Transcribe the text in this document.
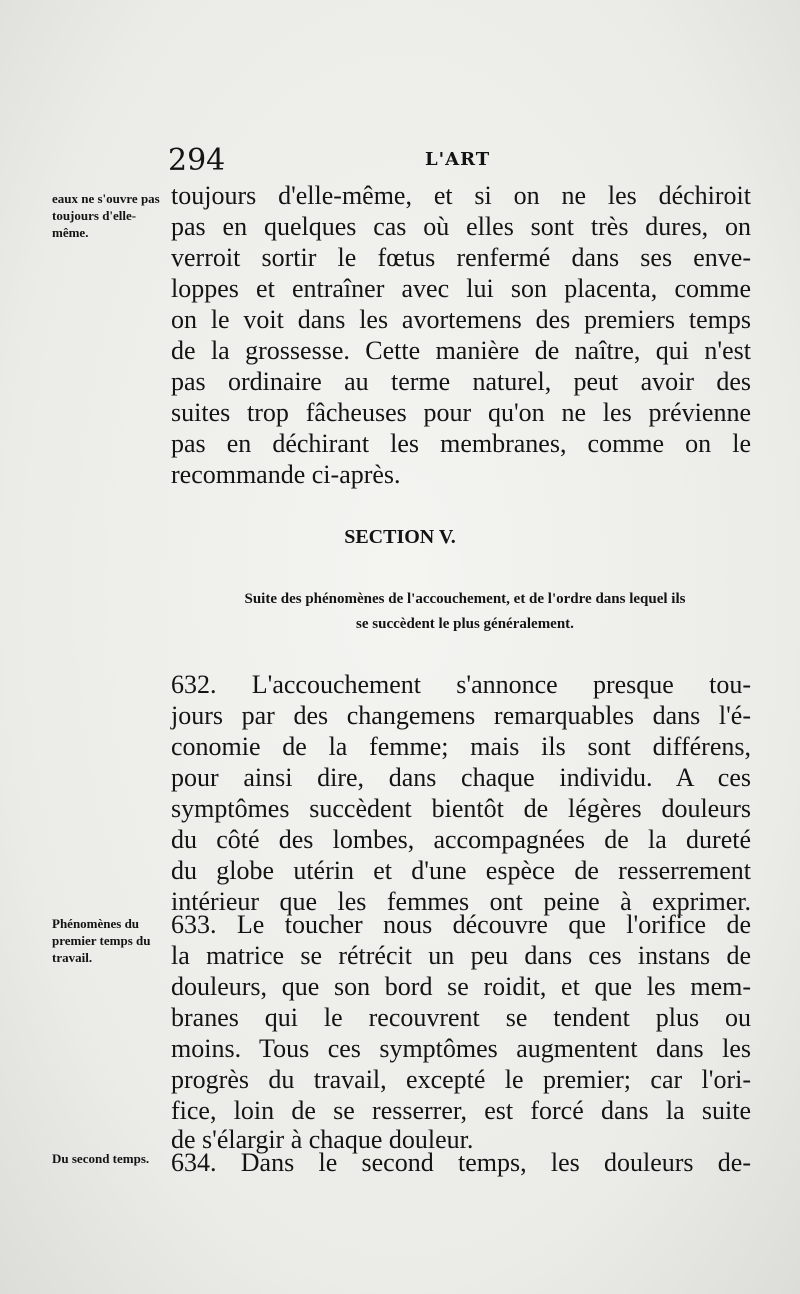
294	L'ART
eaux ne s'ouvre pas toujours d'elle-même.
Phénomènes du premier temps du travail.
Du second temps.
toujours d'elle-même, et si on ne les déchiroit
pas en quelques cas où elles sont très dures, on
verroit sortir le fœtus renfermé dans ses enve-
loppes et entraîner avec lui son placenta, comme
on le voit dans les avortemens des premiers temps
de la grossesse. Cette manière de naître, qui n'est
pas ordinaire au terme naturel, peut avoir des
suites trop fâcheuses pour qu'on ne les prévienne
pas en déchirant les membranes, comme on le
recommande ci-après.
SECTION V.
Suite des phénomènes de l'accouchement, et de l'ordre dans lequel ils
se succèdent le plus généralement.
632. L'accouchement s'annonce presque tou-
jours par des changemens remarquables dans l'é-
conomie de la femme; mais ils sont différens,
pour ainsi dire, dans chaque individu. A ces
symptômes succèdent bientôt de légères douleurs
du côté des lombes, accompagnées de la dureté
du globe utérin et d'une espèce de resserrement
intérieur que les femmes ont peine à exprimer.
633. Le toucher nous découvre que l'orifice de
la matrice se rétrécit un peu dans ces instans de
douleurs, que son bord se roidit, et que les mem-
branes qui le recouvrent se tendent plus ou
moins. Tous ces symptômes augmentent dans les
progrès du travail, excepté le premier; car l'ori-
fice, loin de se resserrer, est forcé dans la suite
de s'élargir à chaque douleur.
634. Dans le second temps, les douleurs de-
